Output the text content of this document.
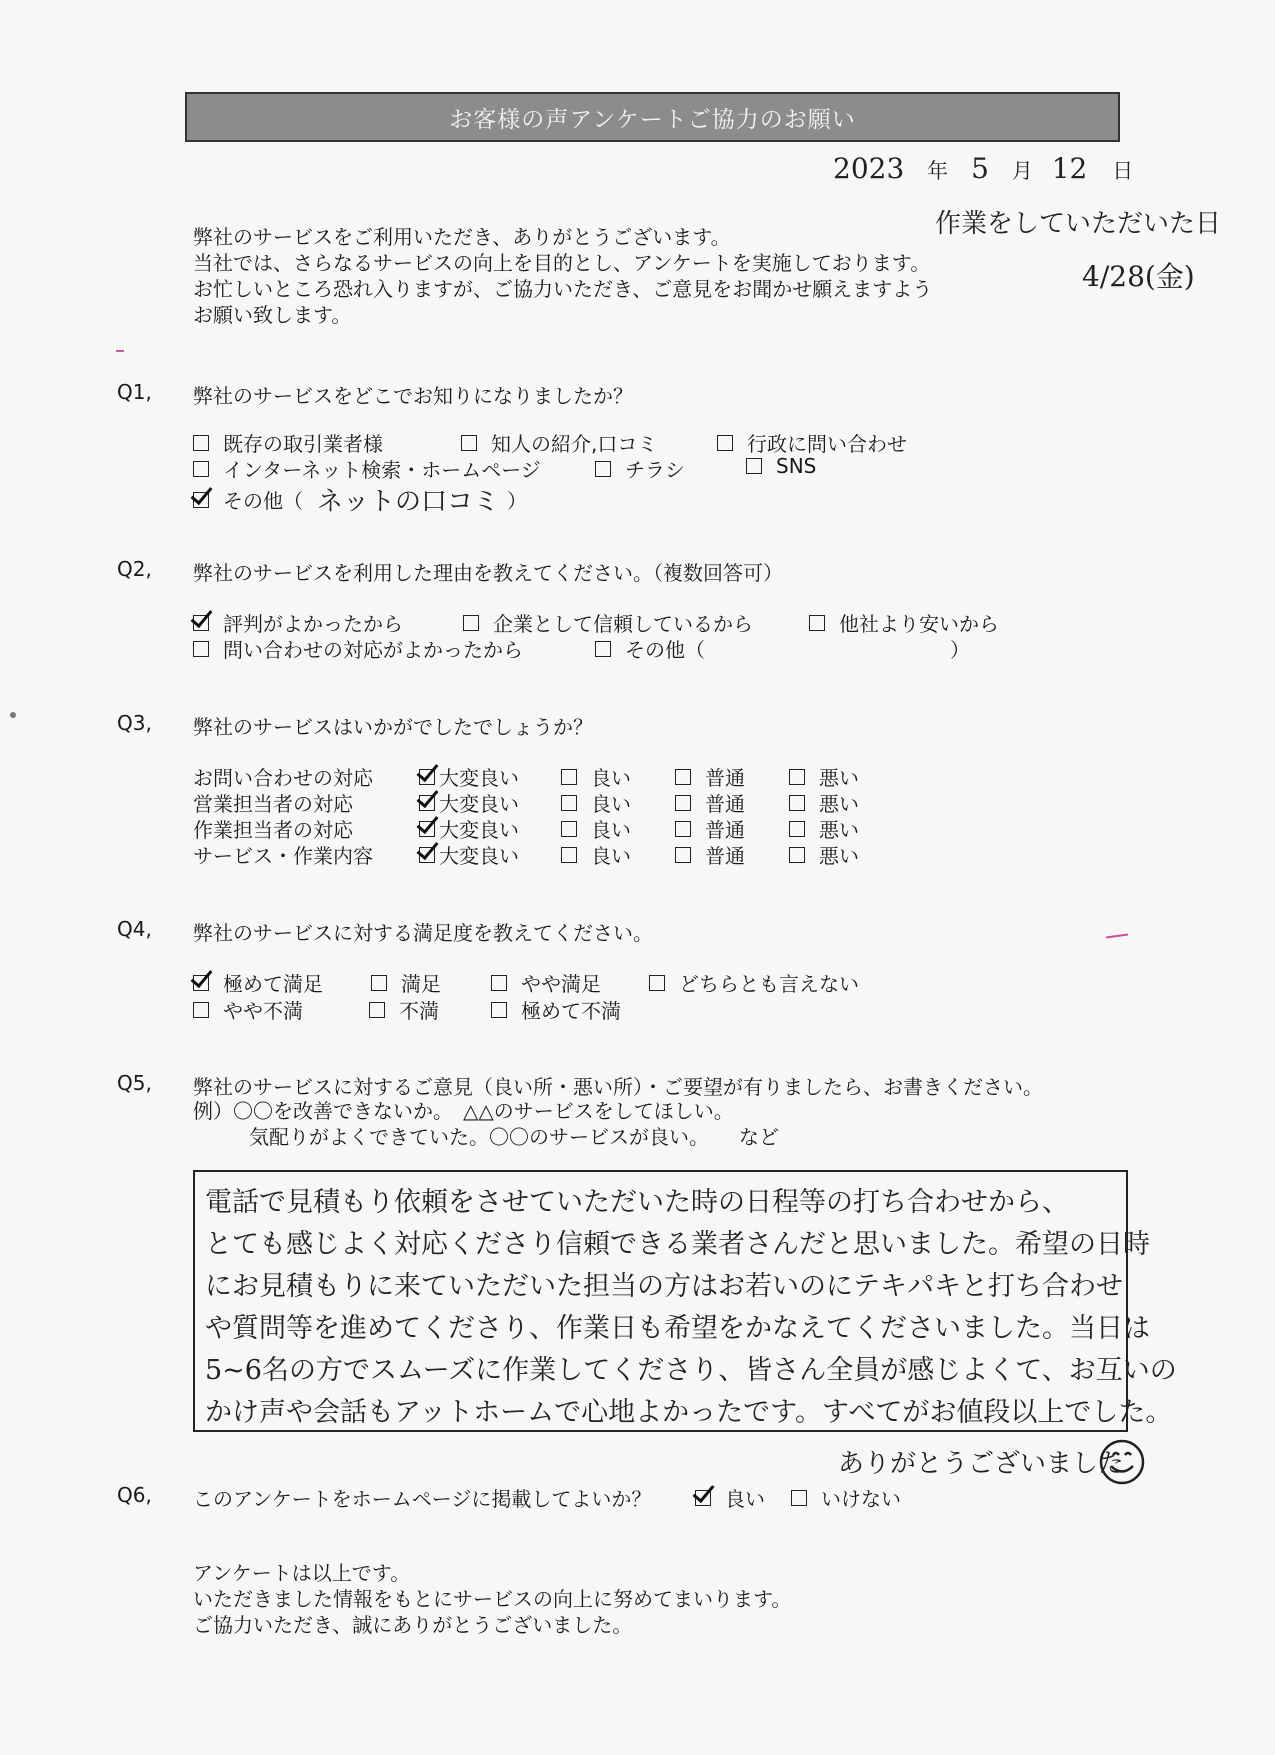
お客様の声アンケートご協力のお願い
2023 年 5 月 12 日
作業をしていただいた日
4/28(金)
弊社のサービスをご利用いただき、ありがとうございます。
当社では、さらなるサービスの向上を目的とし、アンケートを実施しております。
お忙しいところ恐れ入りますが、ご協力いただき、ご意見をお聞かせ願えますよう
お願い致します。
Q1, 弊社のサービスをどこでお知りになりましたか？
既存の取引業者様	知人の紹介,口コミ	行政に問い合わせ
インターネット検索・ホームページ	チラシ	SNS
その他（ ネットの口コミ ）
Q2, 弊社のサービスを利用した理由を教えてください。（複数回答可）
評判がよかったから	企業として信頼しているから	他社より安いから
問い合わせの対応がよかったから	その他（	）
Q3, 弊社のサービスはいかがでしたでしょうか？
お問い合わせの対応	大変良い	良い	普通	悪い
営業担当者の対応	大変良い	良い	普通	悪い
作業担当者の対応	大変良い	良い	普通	悪い
サービス・作業内容	大変良い	良い	普通	悪い
Q4, 弊社のサービスに対する満足度を教えてください。
極めて満足	満足	やや満足	どちらとも言えない
やや不満	不満	極めて不満
Q5, 弊社のサービスに対するご意見（良い所・悪い所）・ご要望が有りましたら、お書きください。
例）〇〇を改善できないか。　△△のサービスをしてほしい。
気配りがよくできていた。〇〇のサービスが良い。　　など
電話で見積もり依頼をさせていただいた時の日程等の打ち合わせから、
とても感じよく対応くださり信頼できる業者さんだと思いました。希望の日時
にお見積もりに来ていただいた担当の方はお若いのにテキパキと打ち合わせ
や質問等を進めてくださり、作業日も希望をかなえてくださいました。当日は
5~6名の方でスムーズに作業してくださり、皆さん全員が感じよくて、お互いの
かけ声や会話もアットホームで心地よかったです。すべてがお値段以上でした。
ありがとうございました
Q6, このアンケートをホームページに掲載してよいか？	良い	いけない
アンケートは以上です。
いただきました情報をもとにサービスの向上に努めてまいります。
ご協力いただき、誠にありがとうございました。
